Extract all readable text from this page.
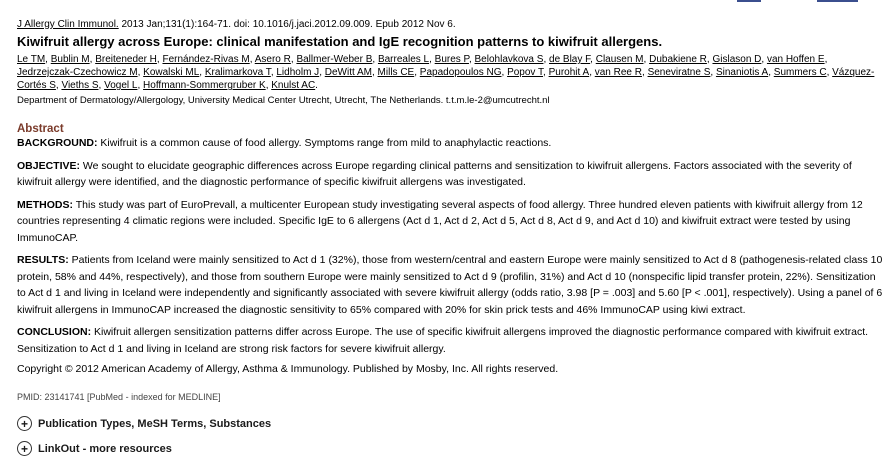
J Allergy Clin Immunol. 2013 Jan;131(1):164-71. doi: 10.1016/j.jaci.2012.09.009. Epub 2012 Nov 6.
Kiwifruit allergy across Europe: clinical manifestation and IgE recognition patterns to kiwifruit allergens.
Le TM, Bublin M, Breiteneder H, Fernández-Rivas M, Asero R, Ballmer-Weber B, Barreales L, Bures P, Belohlavkova S, de Blay F, Clausen M, Dubakiene R, Gislason D, van Hoffen E, Jedrzejczak-Czechowicz M, Kowalski ML, Kralimarkova T, Lidholm J, DeWitt AM, Mills CE, Papadopoulos NG, Popov T, Purohit A, van Ree R, Seneviratne S, Sinaniotis A, Summers C, Vázquez-Cortés S, Vieths S, Vogel L, Hoffmann-Sommergruber K, Knulst AC.
Department of Dermatology/Allergology, University Medical Center Utrecht, Utrecht, The Netherlands. t.t.m.le-2@umcutrecht.nl
Abstract
BACKGROUND: Kiwifruit is a common cause of food allergy. Symptoms range from mild to anaphylactic reactions.
OBJECTIVE: We sought to elucidate geographic differences across Europe regarding clinical patterns and sensitization to kiwifruit allergens. Factors associated with the severity of kiwifruit allergy were identified, and the diagnostic performance of specific kiwifruit allergens was investigated.
METHODS: This study was part of EuroPrevall, a multicenter European study investigating several aspects of food allergy. Three hundred eleven patients with kiwifruit allergy from 12 countries representing 4 climatic regions were included. Specific IgE to 6 allergens (Act d 1, Act d 2, Act d 5, Act d 8, Act d 9, and Act d 10) and kiwifruit extract were tested by using ImmunoCAP.
RESULTS: Patients from Iceland were mainly sensitized to Act d 1 (32%), those from western/central and eastern Europe were mainly sensitized to Act d 8 (pathogenesis-related class 10 protein, 58% and 44%, respectively), and those from southern Europe were mainly sensitized to Act d 9 (profilin, 31%) and Act d 10 (nonspecific lipid transfer protein, 22%). Sensitization to Act d 1 and living in Iceland were independently and significantly associated with severe kiwifruit allergy (odds ratio, 3.98 [P = .003] and 5.60 [P < .001], respectively). Using a panel of 6 kiwifruit allergens in ImmunoCAP increased the diagnostic sensitivity to 65% compared with 20% for skin prick tests and 46% ImmunoCAP using kiwi extract.
CONCLUSION: Kiwifruit allergen sensitization patterns differ across Europe. The use of specific kiwifruit allergens improved the diagnostic performance compared with kiwifruit extract. Sensitization to Act d 1 and living in Iceland are strong risk factors for severe kiwifruit allergy.
Copyright © 2012 American Academy of Allergy, Asthma & Immunology. Published by Mosby, Inc. All rights reserved.
PMID: 23141741 [PubMed - indexed for MEDLINE]
+ Publication Types, MeSH Terms, Substances
+ LinkOut - more resources
